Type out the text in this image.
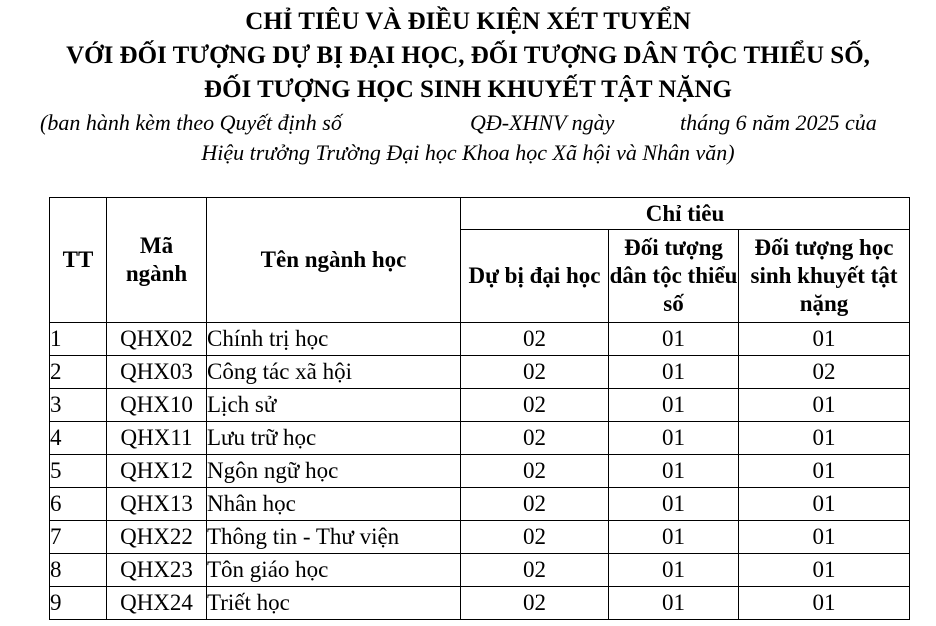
CHỈ TIÊU VÀ ĐIỀU KIỆN XÉT TUYỂN
VỚI ĐỐI TƯỢNG DỰ BỊ ĐẠI HỌC, ĐỐI TƯỢNG DÂN TỘC THIỂU SỐ,
ĐỐI TƯỢNG HỌC SINH KHUYẾT TẬT NẶNG
(ban hành kèm theo Quyết định số	QĐ-XHNV ngày	tháng 6 năm 2025 của
Hiệu trưởng Trường Đại học Khoa học Xã hội và Nhân văn)
TT	Mã ngành	Tên ngành học	Chỉ tiêu		
			Dự bị đại học	Đối tượng dân tộc thiểu số	Đối tượng học sinh khuyết tật nặng
1	QHX02	Chính trị học	02	01	01
2	QHX03	Công tác xã hội	02	01	02
3	QHX10	Lịch sử	02	01	01
4	QHX11	Lưu trữ học	02	01	01
5	QHX12	Ngôn ngữ học	02	01	01
6	QHX13	Nhân học	02	01	01
7	QHX22	Thông tin - Thư viện	02	01	01
8	QHX23	Tôn giáo học	02	01	01
9	QHX24	Triết học	02	01	01
